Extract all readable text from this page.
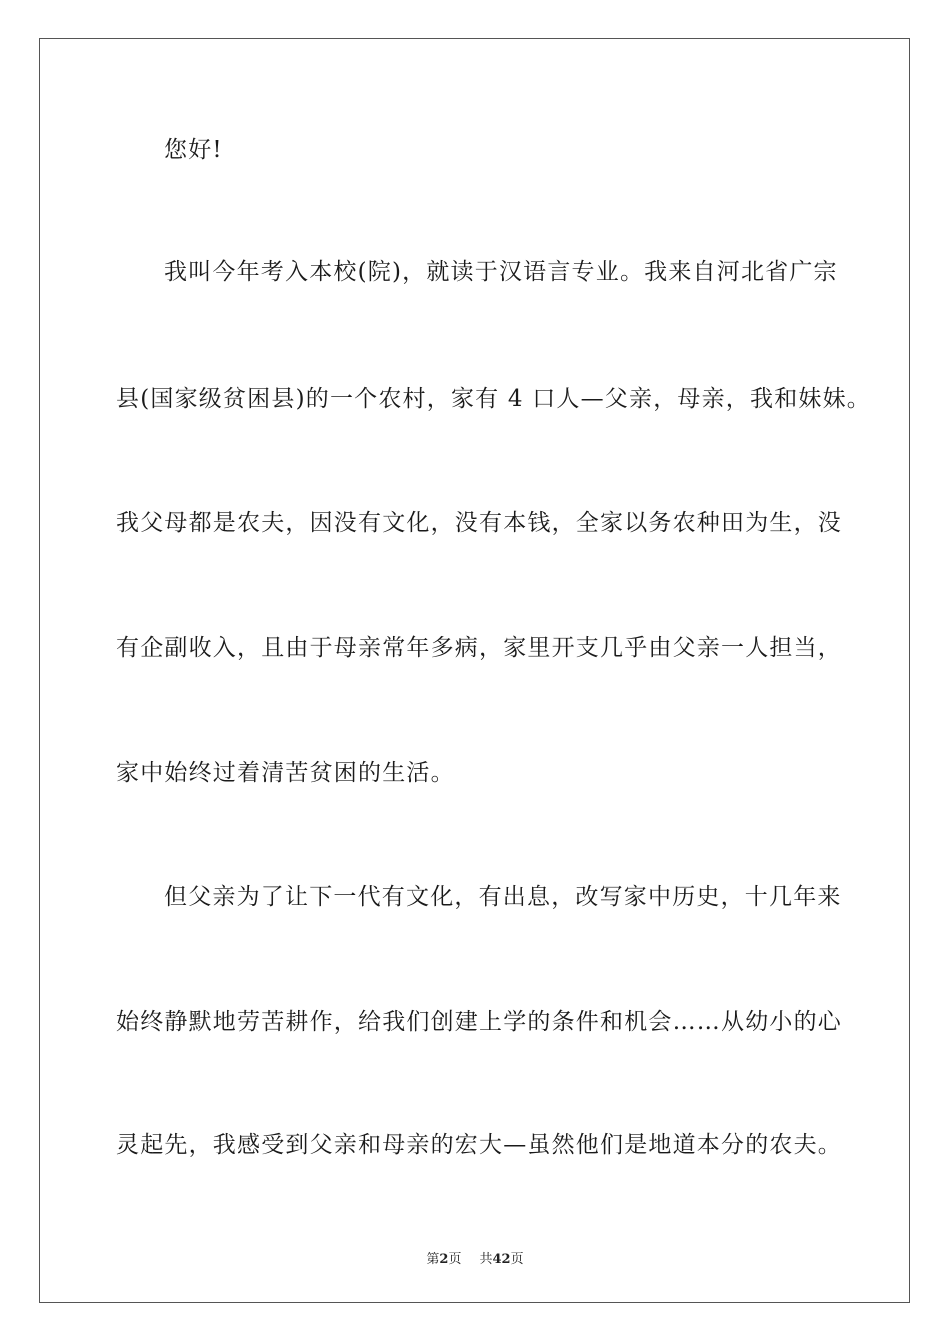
您好!
我叫今年考入本校(院)，就读于汉语言专业。我来自河北省广宗
县(国家级贫困县)的一个农村，家有 4 口人—父亲，母亲，我和妹妹。
我父母都是农夫，因没有文化，没有本钱，全家以务农种田为生，没
有企副收入，且由于母亲常年多病，家里开支几乎由父亲一人担当，
家中始终过着清苦贫困的生活。
但父亲为了让下一代有文化，有出息，改写家中历史，十几年来
始终静默地劳苦耕作，给我们创建上学的条件和机会……从幼小的心
灵起先，我感受到父亲和母亲的宏大—虽然他们是地道本分的农夫。
第2页 共42页
